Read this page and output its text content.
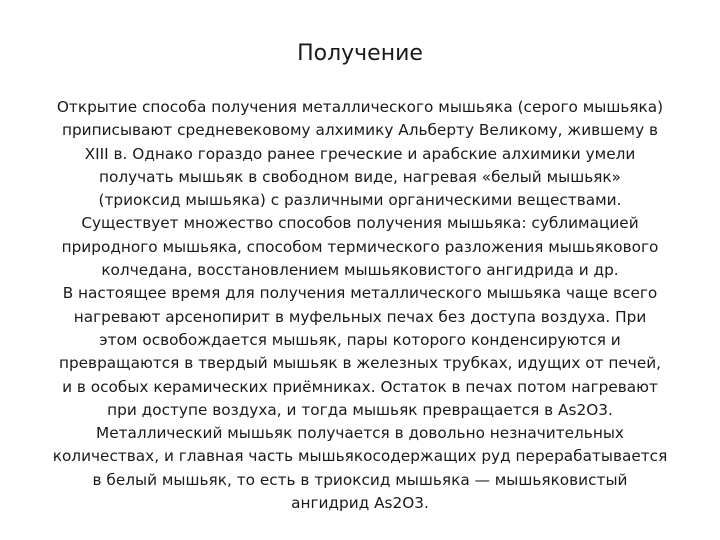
Получение

Открытие способа получения металлического мышьяка (серого мышьяка)
приписывают средневековому алхимику Альберту Великому, жившему в
XIII в. Однако гораздо ранее греческие и арабские алхимики умели
получать мышьяк в свободном виде, нагревая «белый мышьяк»
(триоксид мышьяка) с различными органическими веществами.
Существует множество способов получения мышьяка: сублимацией
природного мышьяка, способом термического разложения мышьякового
колчедана, восстановлением мышьяковистого ангидрида и др.
В настоящее время для получения металлического мышьяка чаще всего
нагревают арсенопирит в муфельных печах без доступа воздуха. При
этом освобождается мышьяк, пары которого конденсируются и
превращаются в твердый мышьяк в железных трубках, идущих от печей,
и в особых керамических приёмниках. Остаток в печах потом нагревают
при доступе воздуха, и тогда мышьяк превращается в As2O3.
Металлический мышьяк получается в довольно незначительных
количествах, и главная часть мышьякосодержащих руд перерабатывается
в белый мышьяк, то есть в триоксид мышьяка — мышьяковистый
ангидрид As2O3.
